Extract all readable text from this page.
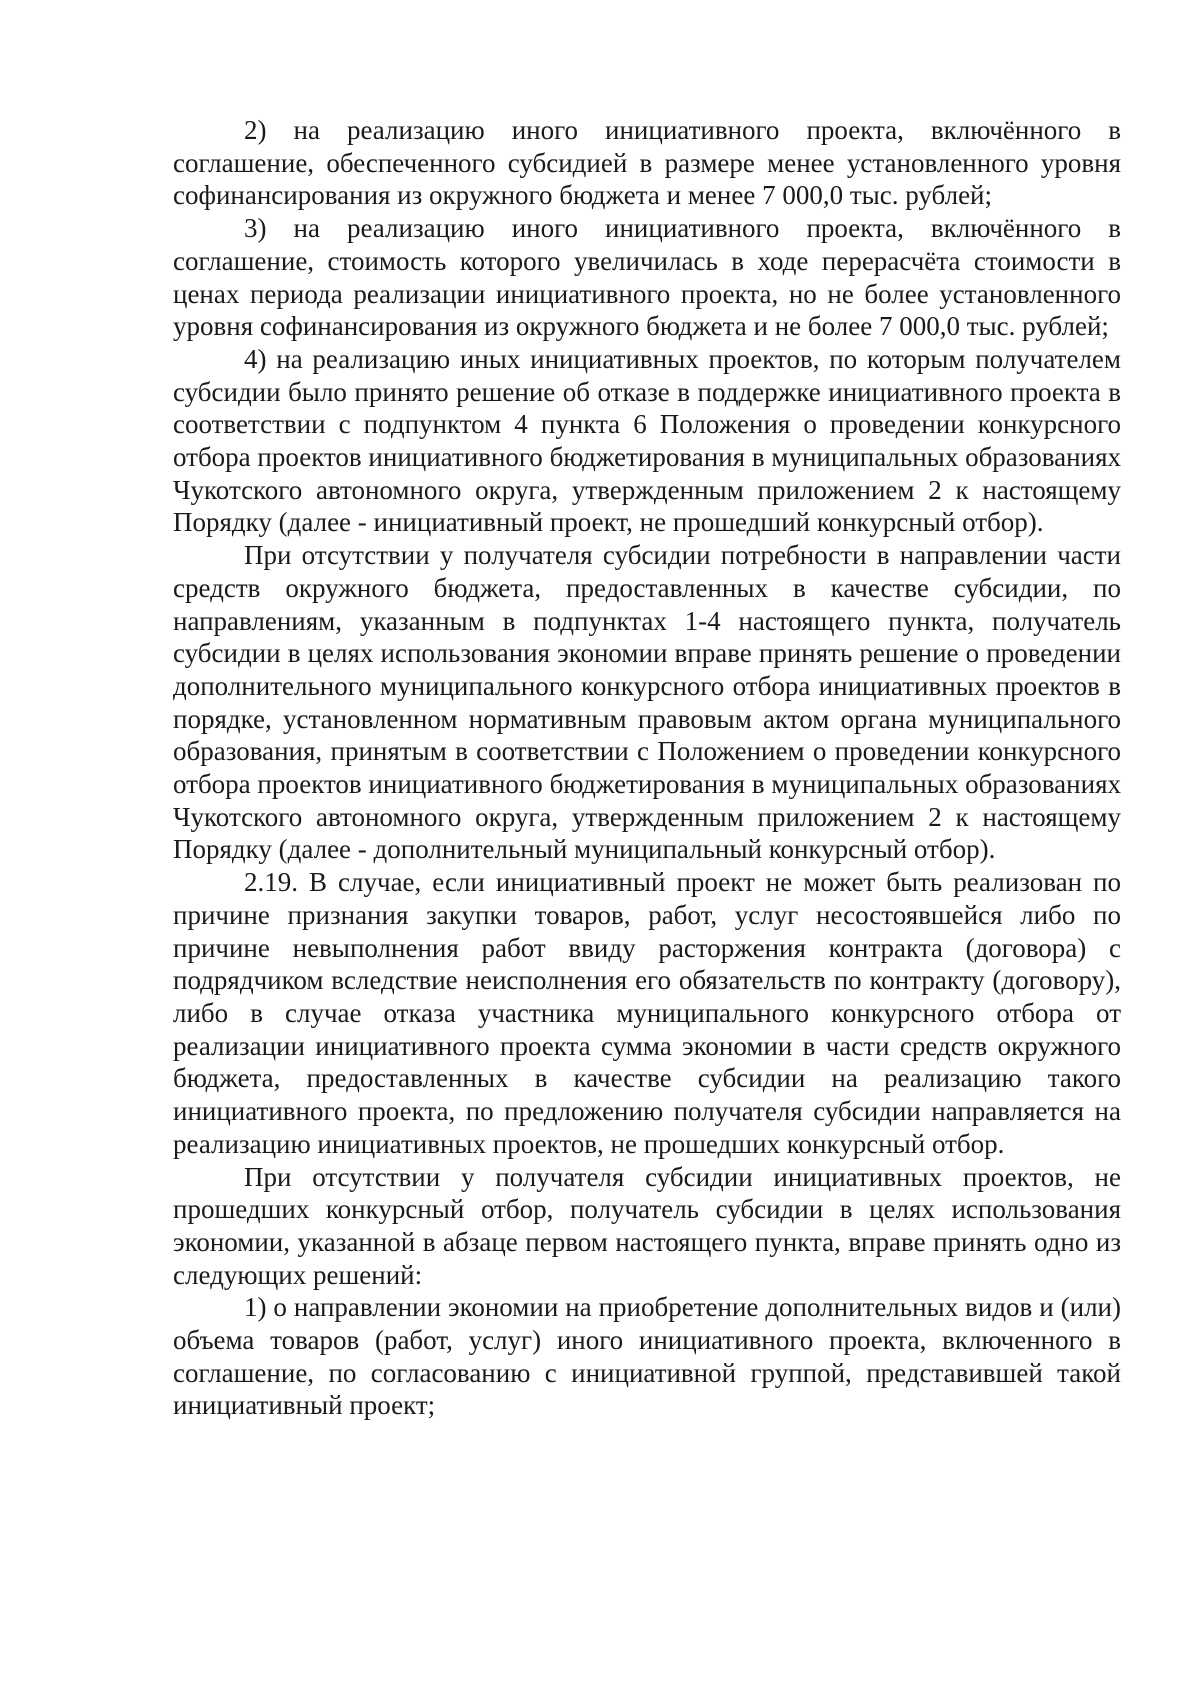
2) на реализацию иного инициативного проекта, включённого в соглашение, обеспеченного субсидией в размере менее установленного уровня софинансирования из окружного бюджета и менее 7 000,0 тыс. рублей;

3) на реализацию иного инициативного проекта, включённого в соглашение, стоимость которого увеличилась в ходе перерасчёта стоимости в ценах периода реализации инициативного проекта, но не более установленного уровня софинансирования из окружного бюджета и не более 7 000,0 тыс. рублей;

4) на реализацию иных инициативных проектов, по которым получателем субсидии было принято решение об отказе в поддержке инициативного проекта в соответствии с подпунктом 4 пункта 6 Положения о проведении конкурсного отбора проектов инициативного бюджетирования в муниципальных образованиях Чукотского автономного округа, утвержденным приложением 2 к настоящему Порядку (далее - инициативный проект, не прошедший конкурсный отбор).

При отсутствии у получателя субсидии потребности в направлении части средств окружного бюджета, предоставленных в качестве субсидии, по направлениям, указанным в подпунктах 1-4 настоящего пункта, получатель субсидии в целях использования экономии вправе принять решение о проведении дополнительного муниципального конкурсного отбора инициативных проектов в порядке, установленном нормативным правовым актом органа муниципального образования, принятым в соответствии с Положением о проведении конкурсного отбора проектов инициативного бюджетирования в муниципальных образованиях Чукотского автономного округа, утвержденным приложением 2 к настоящему Порядку (далее - дополнительный муниципальный конкурсный отбор).

2.19. В случае, если инициативный проект не может быть реализован по причине признания закупки товаров, работ, услуг несостоявшейся либо по причине невыполнения работ ввиду расторжения контракта (договора) с подрядчиком вследствие неисполнения его обязательств по контракту (договору), либо в случае отказа участника муниципального конкурсного отбора от реализации инициативного проекта сумма экономии в части средств окружного бюджета, предоставленных в качестве субсидии на реализацию такого инициативного проекта, по предложению получателя субсидии направляется на реализацию инициативных проектов, не прошедших конкурсный отбор.

При отсутствии у получателя субсидии инициативных проектов, не прошедших конкурсный отбор, получатель субсидии в целях использования экономии, указанной в абзаце первом настоящего пункта, вправе принять одно из следующих решений:

1) о направлении экономии на приобретение дополнительных видов и (или) объема товаров (работ, услуг) иного инициативного проекта, включенного в соглашение, по согласованию с инициативной группой, представившей такой инициативный проект;
